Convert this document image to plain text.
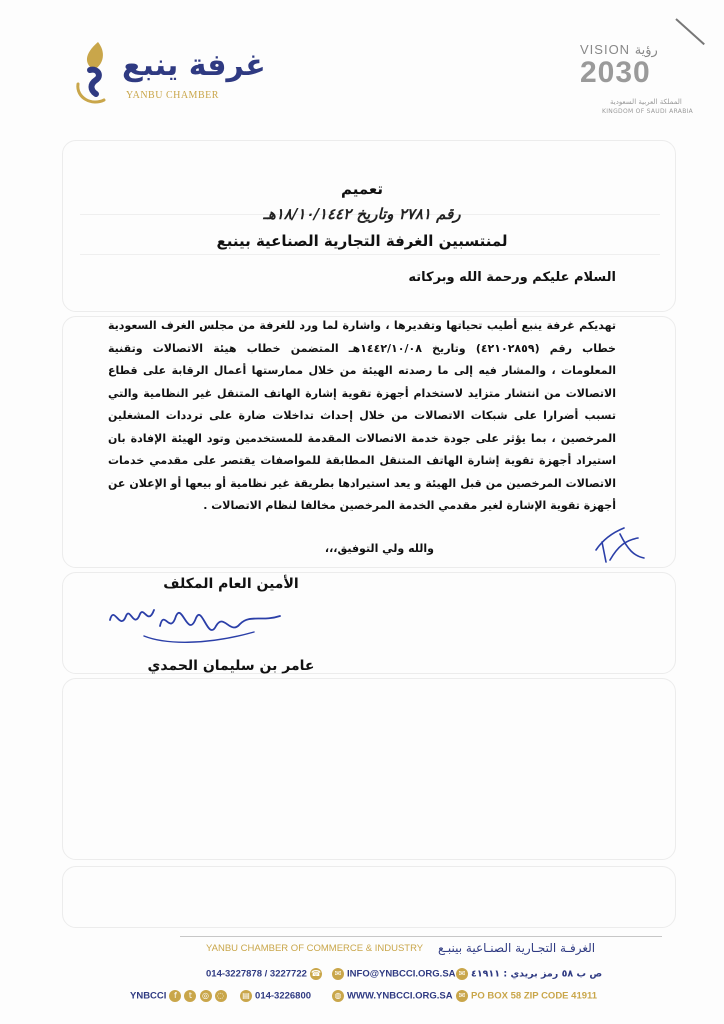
غرفة ينبع
YANBU CHAMBER
VISION رؤية
2030
المملكة العربية السعودية
KINGDOM OF SAUDI ARABIA
تعميم
رقم ٢٧٨١ وتاريخ ١٨/١٠/١٤٤٢هـ
لمنتسبين الغرفة التجارية الصناعية بينبع
السلام عليكم ورحمة الله وبركاته
تهديكم غرفة ينبع أطيب تحياتها وتقديرها ، واشارة لما ورد للغرفة من مجلس الغرف السعودية خطاب رقم (٤٢١٠٢٨٥٩) وتاريخ ١٤٤٢/١٠/٠٨هـ المتضمن خطاب هيئة الاتصالات وتقنية المعلومات ، والمشار فيه إلى ما رصدته الهيئة من خلال ممارستها أعمال الرقابة على قطاع الاتصالات من انتشار متزايد لاستخدام أجهزة تقوية إشارة الهاتف المتنقل غير النظامية والتي تسبب أضرارا على شبكات الاتصالات من خلال إحداث تداخلات ضارة على ترددات المشغلين المرخصين ، بما يؤثر على جودة خدمة الاتصالات المقدمة للمستخدمين وتود الهيئة الإفادة بان استيراد أجهزة تقوية إشارة الهاتف المتنقل المطابقة للمواصفات يقتصر على مقدمي خدمات الاتصالات المرخصين من قبل الهيئة و يعد استيرادها بطريقة غير نظامية أو بيعها أو الإعلان عن أجهزة تقوية الإشارة لغير مقدمي الخدمة المرخصين مخالفا لنظام الاتصالات .
والله ولي التوفيق،،،
الأمين العام المكلف
عامر بن سليمان الحمدي
YANBU CHAMBER OF COMMERCE & INDUSTRY الغرفـة التجـارية الصنـاعية بينبـع
014-3227878 / 3227722 ☎	✉ INFO@YNBCCI.ORG.SA ✉ ص ب ٥٨ رمز بريدي : ٤١٩١١
YNBCCI f t ◎ ◌	▤ 014-3226800	◍ WWW.YNBCCI.ORG.SA ✉ PO BOX 58 ZIP CODE 41911
